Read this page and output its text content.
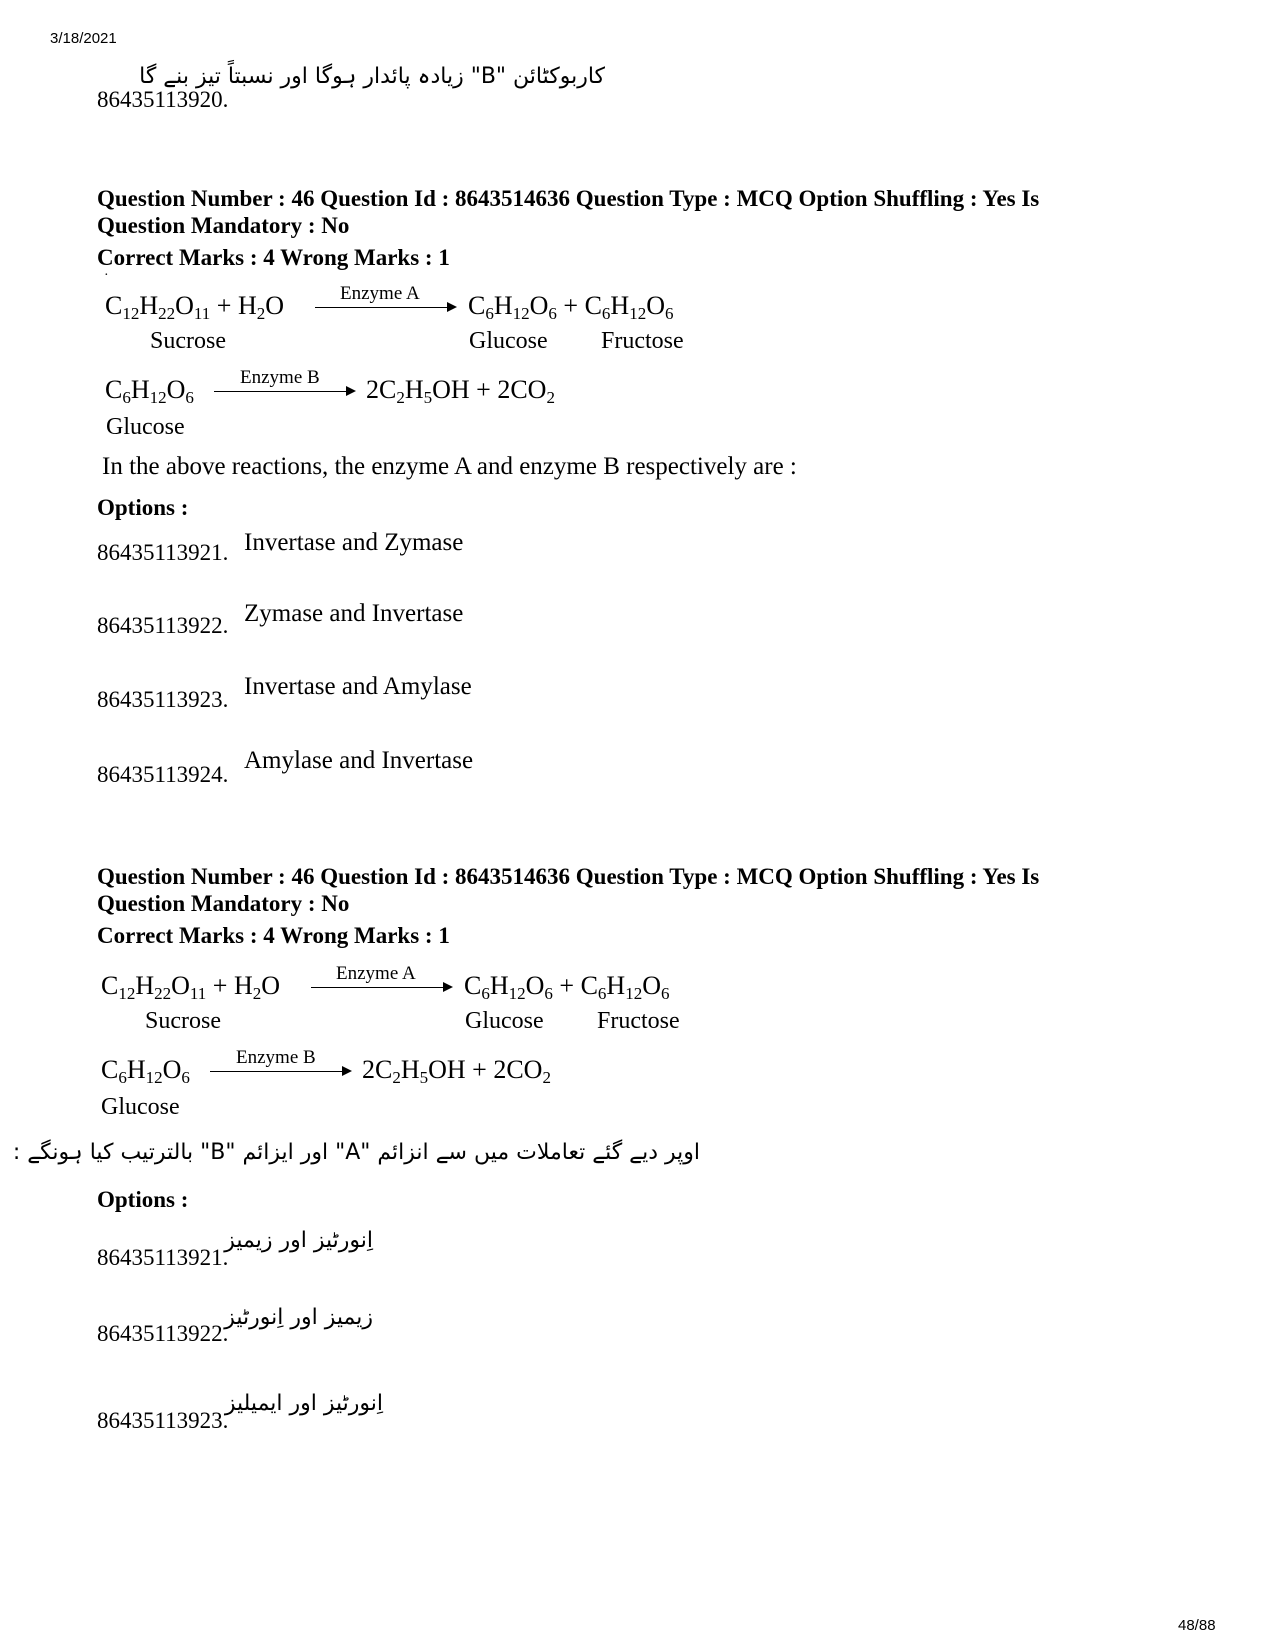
3/18/2021
48/88
86435113920.
کاربوکٹائن "B" زیادہ پائدار ہوگا اور نسبتاً تیز بنے گا
Question Number : 46 Question Id : 8643514636 Question Type : MCQ Option Shuffling : Yes Is
Question Mandatory : No
Correct Marks : 4 Wrong Marks : 1
·
$C_{12}H_{22}O_{11} + H_2O$	Enzyme A $C_6H_{12}O_6 + C_6H_{12}O_6$
Sucrose	Glucose Fructose
$C_6H_{12}O_6$
Enzyme B $2C_2H_5OH + 2CO_2$
Glucose
In the above reactions, the enzyme A and enzyme B respectively are :
Options :
86435113921. Invertase and Zymase
86435113922. Zymase and Invertase
86435113923. Invertase and Amylase
86435113924.
Amylase and Invertase
Question Number : 46 Question Id : 8643514636 Question Type : MCQ Option Shuffling : Yes Is
Question Mandatory : No
Correct Marks : 4 Wrong Marks : 1
$C_{12}H_{22}O_{11} + H_2O$	Enzyme A $C_6H_{12}O_6 + C_6H_{12}O_6$
Sucrose	Glucose Fructose
$C_6H_{12}O_6$
Enzyme B $2C_2H_5OH + 2CO_2$
Glucose
اوپر دیے گئے تعاملات میں سے انزائم "A" اور ایزائم "B" بالترتیب کیا ہونگے :
Options :
86435113921.
اِنورٹیز اور زیمیز
86435113922.
زیمیز اور اِنورٹیز
86435113923.
اِنورٹیز اور ایمیلیز
